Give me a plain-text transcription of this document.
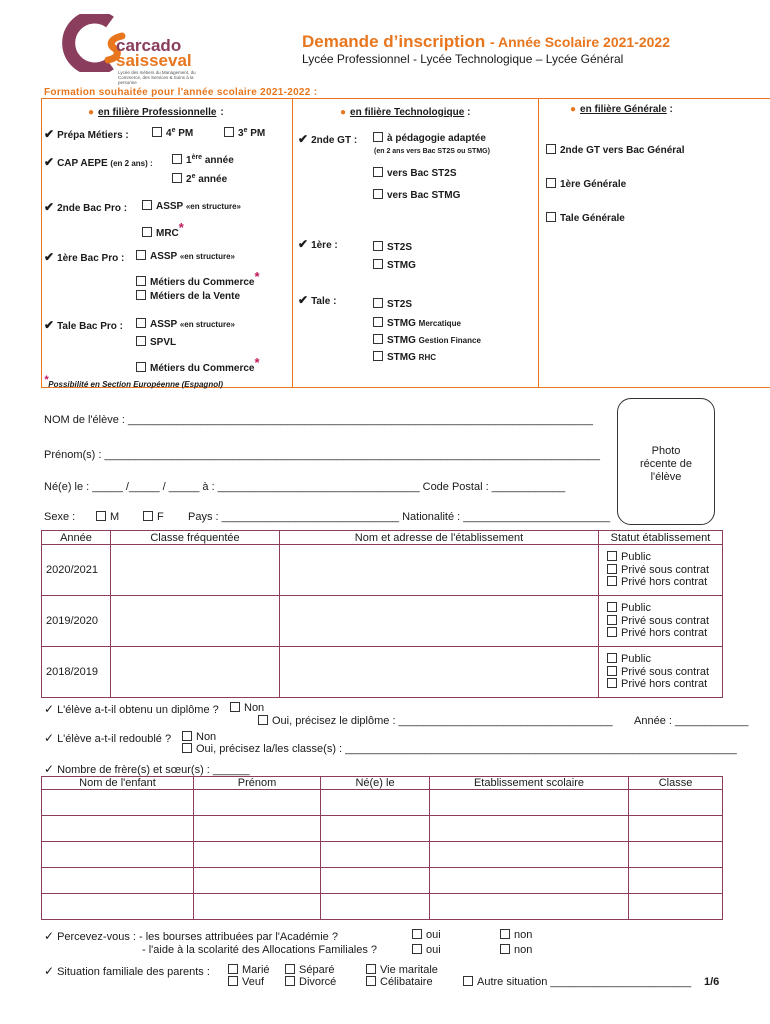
carcado
saisseval
Lycée des métiers du Management, du Commerce, des Services & Soins à la personne
Demande d’inscription - Année Scolaire 2021-2022
Lycée Professionnel - Lycée Technologique – Lycée Général
Formation souhaitée pour l'année scolaire 2021-2022 :
● en filière Professionnelle :
✔ Prépa Métiers :	4e PM	3e PM
✔ CAP AEPE (en 2 ans) :	1ère année
2e année
✔ 2nde Bac Pro :	ASSP «en structure»
MRC*
✔ 1ère Bac Pro :	ASSP «en structure»
Métiers du Commerce*
Métiers de la Vente
✔ Tale Bac Pro :	ASSP «en structure»
SPVL
Métiers du Commerce*
*Possibilité en Section Européenne (Espagnol)
● en filière Technologique :
✔ 2nde GT :	à pédagogie adaptée
(en 2 ans vers Bac ST2S ou STMG)
vers Bac ST2S
vers Bac STMG
✔ 1ère :	ST2S
STMG
✔ Tale :	ST2S
STMG Mercatique
STMG Gestion Finance
STMG RHC
● en filière Générale :
2nde GT vers Bac Général
1ère Générale
Tale Générale
NOM de l'élève : ____________________________________________________________________________
Prénom(s) : _________________________________________________________________________________
Né(e) le : _____ /_____ / _____ à : _________________________________ Code Postal : ____________
Sexe :	M	F Pays : _____________________________ Nationalité : ________________________
Photo
récente de
l'élève
Année	Classe fréquentée	Nom et adresse de l'établissement	Statut établissement
2020/2021			Public
Privé sous contrat
Privé hors contrat

2019/2020			Public
Privé sous contrat
Privé hors contrat

2018/2019			Public
Privé sous contrat
Privé hors contrat
✓ L'élève a-t-il obtenu un diplôme ?	Non
Oui, précisez le diplôme : ___________________________________ Année : ____________
✓ L'élève a-t-il redoublé ?	Non
Oui, précisez la/les classe(s) : ________________________________________________________________
✓ Nombre de frère(s) et sœur(s) : ______
Nom de l'enfant	Prénom	Né(e) le	Etablissement scolaire	Classe

✓ Percevez-vous : - les bourses attribuées par l'Académie ?
- l'aide à la scolarité des Allocations Familiales ?
oui	non
oui	non
✓ Situation familiale des parents :	Marié	Séparé	Vie maritale
Veuf	Divorcé	Célibataire	Autre situation _______________________ 1/6
